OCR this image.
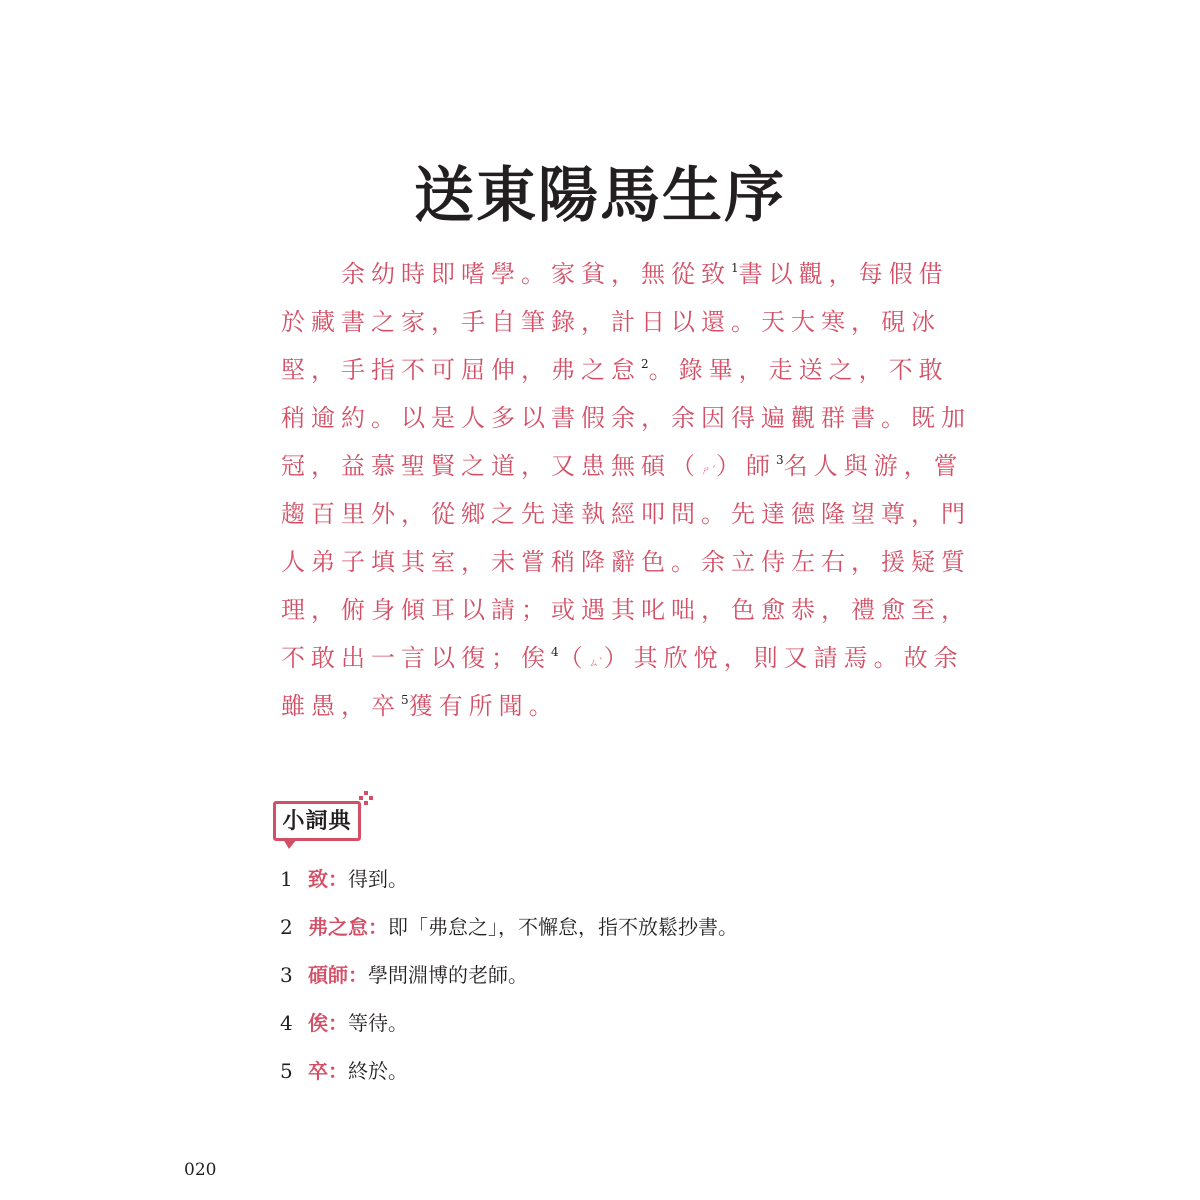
送東陽馬生序
　　余幼時即嗜學。家貧，無從致$^1$書以觀，每假借
於藏書之家，手自筆錄，計日以還。天大寒，硯冰
堅，手指不可屈伸，弗之怠$^2$。錄畢，走送之，不敢
稍逾約。以是人多以書假余，余因得遍觀群書。既加
冠，益慕聖賢之道，又患無碩（ㄕˊ）師$^3$名人與游，嘗
趨百里外，從鄉之先達執經叩問。先達德隆望尊，門
人弟子填其室，未嘗稍降辭色。余立侍左右，援疑質
理，俯身傾耳以請；或遇其叱咄，色愈恭，禮愈至，
不敢出一言以復；俟$^4$（ㄙˋ）其欣悅，則又請焉。故余
雖愚，卒$^5$獲有所聞。
小詞典
1 致：得到。
2 弗之怠：即「弗怠之」，不懈怠，指不放鬆抄書。
3 碩師：學問淵博的老師。
4 俟：等待。
5 卒：終於。
020
